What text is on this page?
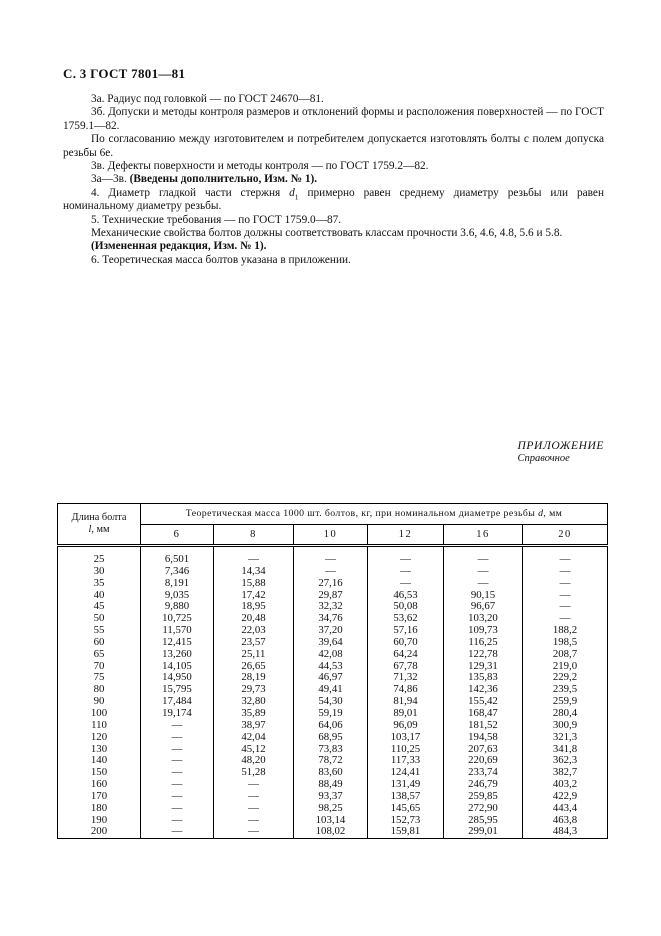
С. 3 ГОСТ 7801—81

3а. Радиус под головкой — по ГОСТ 24670—81.

3б. Допуски и методы контроля размеров и отклонений формы и расположения поверхностей — по ГОСТ 1759.1—82.

По согласованию между изготовителем и потребителем допускается изготовлять болты с полем допуска резьбы 6е.

3в. Дефекты поверхности и методы контроля — по ГОСТ 1759.2—82.

3а—3в. (Введены дополнительно, Изм. № 1).

4. Диаметр гладкой части стержня $d_1$ примерно равен среднему диаметру резьбы или равен номинальному диаметру резьбы.

5. Технические требования — по ГОСТ 1759.0—87.

Механические свойства болтов должны соответствовать классам прочности 3.6, 4.6, 4.8, 5.6 и 5.8.

(Измененная редакция, Изм. № 1).

6. Теоретическая масса болтов указана в приложении.

ПРИЛОЖЕНИЕ

Справочное

Длина болта
l, мм	Теоретическая масса 1000 шт. болтов, кг, при номинальном диаметре резьбы d, мм					
	6	8	10	12	16	20
25	6,501	—	—	—	—	—
30	7,346	14,34	—	—	—	—
35	8,191	15,88	27,16	—	—	—
40	9,035	17,42	29,87	46,53	90,15	—
45	9,880	18,95	32,32	50,08	96,67	—
50	10,725	20,48	34,76	53,62	103,20	—
55	11,570	22,03	37,20	57,16	109,73	188,2
60	12,415	23,57	39,64	60,70	116,25	198,5
65	13,260	25,11	42,08	64,24	122,78	208,7
70	14,105	26,65	44,53	67,78	129,31	219,0
75	14,950	28,19	46,97	71,32	135,83	229,2
80	15,795	29,73	49,41	74,86	142,36	239,5
90	17,484	32,80	54,30	81,94	155,42	259,9
100	19,174	35,89	59,19	89,01	168,47	280,4
110	—	38,97	64,06	96,09	181,52	300,9
120	—	42,04	68,95	103,17	194,58	321,3
130	—	45,12	73,83	110,25	207,63	341,8
140	—	48,20	78,72	117,33	220,69	362,3
150	—	51,28	83,60	124,41	233,74	382,7
160	—	—	88,49	131,49	246,79	403,2
170	—	—	93,37	138,57	259,85	422,9
180	—	—	98,25	145,65	272,90	443,4
190	—	—	103,14	152,73	285,95	463,8
200	—	—	108,02	159,81	299,01	484,3
